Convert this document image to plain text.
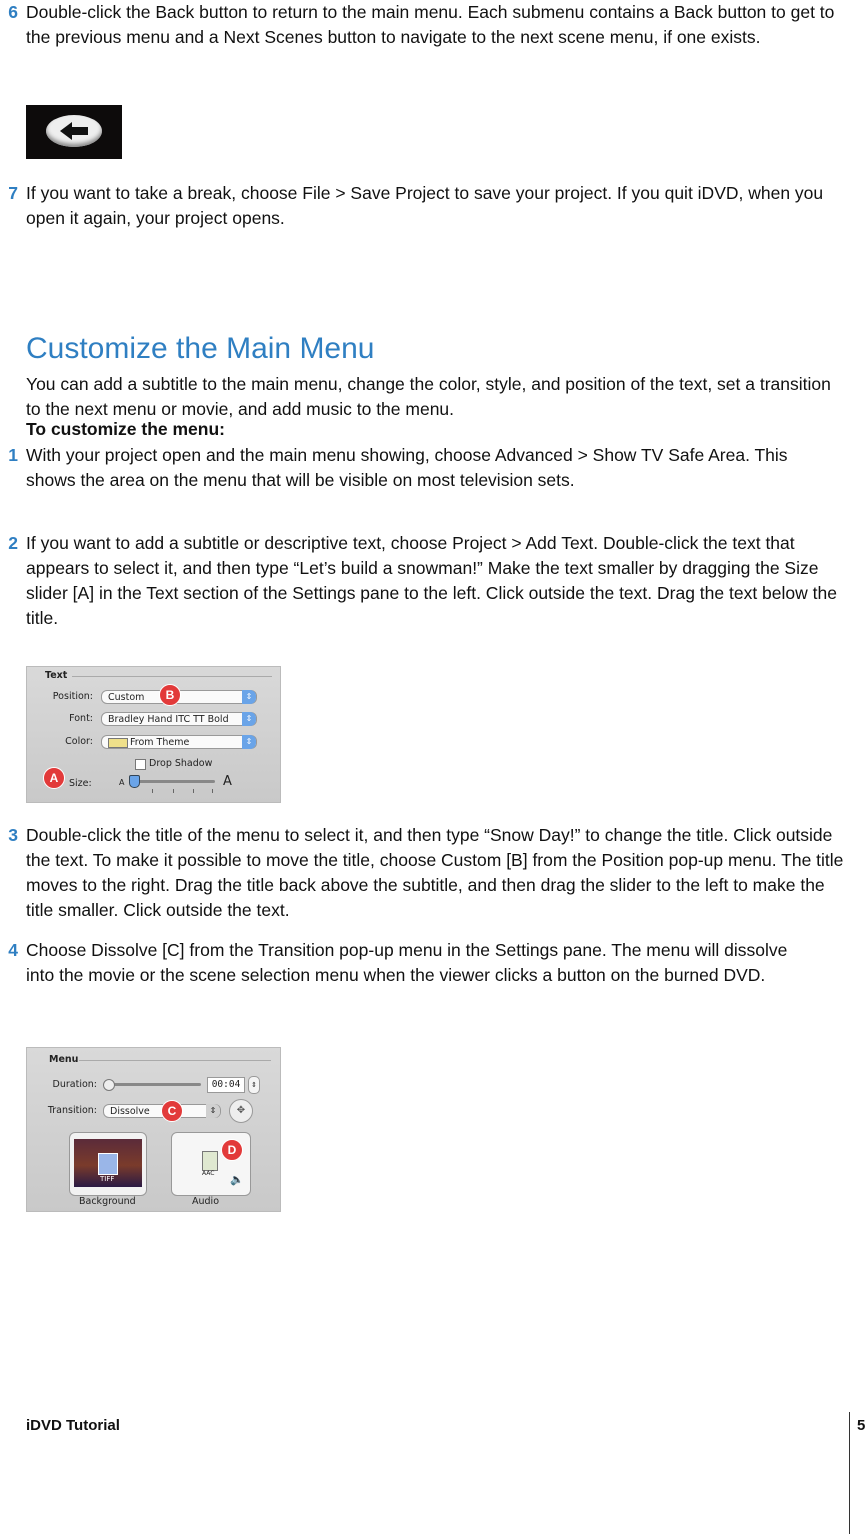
6 Double-click the Back button to return to the main menu. Each submenu contains a Back button to get to the previous menu and a Next Scenes button to navigate to the next scene menu, if one exists.
7 If you want to take a break, choose File > Save Project to save your project. If you quit iDVD, when you open it again, your project opens.
Customize the Main Menu
You can add a subtitle to the main menu, change the color, style, and position of the text, set a transition to the next menu or movie, and add music to the menu.
To customize the menu:
1 With your project open and the main menu showing, choose Advanced > Show TV Safe Area. This shows the area on the menu that will be visible on most television sets.
2 If you want to add a subtitle or descriptive text, choose Project > Add Text. Double-click the text that appears to select it, and then type “Let’s build a snowman!” Make the text smaller by dragging the Size slider [A] in the Text section of the Settings pane to the left. Click outside the text. Drag the text below the title.
Text
Position:	Custom	⇕
Font:	Bradley Hand ITC TT Bold	⇕
Color:	From Theme	⇕
Drop Shadow
Size:	A	A
A
B
3 Double-click the title of the menu to select it, and then type “Snow Day!” to change the title. Click outside the text. To make it possible to move the title, choose Custom [B] from the Position pop-up menu. The title moves to the right. Drag the title back above the subtitle, and then drag the slider to the left to make the title smaller. Click outside the text.
4 Choose Dissolve [C] from the Transition pop-up menu in the Settings pane. The menu will dissolve into the movie or the scene selection menu when the viewer clicks a button on the burned DVD.
Menu
Duration:	00:04	⇕
Transition:	Dissolve	⇕	✥
TIFF
Background
AAC 🔈
Audio
C
D
iDVD Tutorial	5
